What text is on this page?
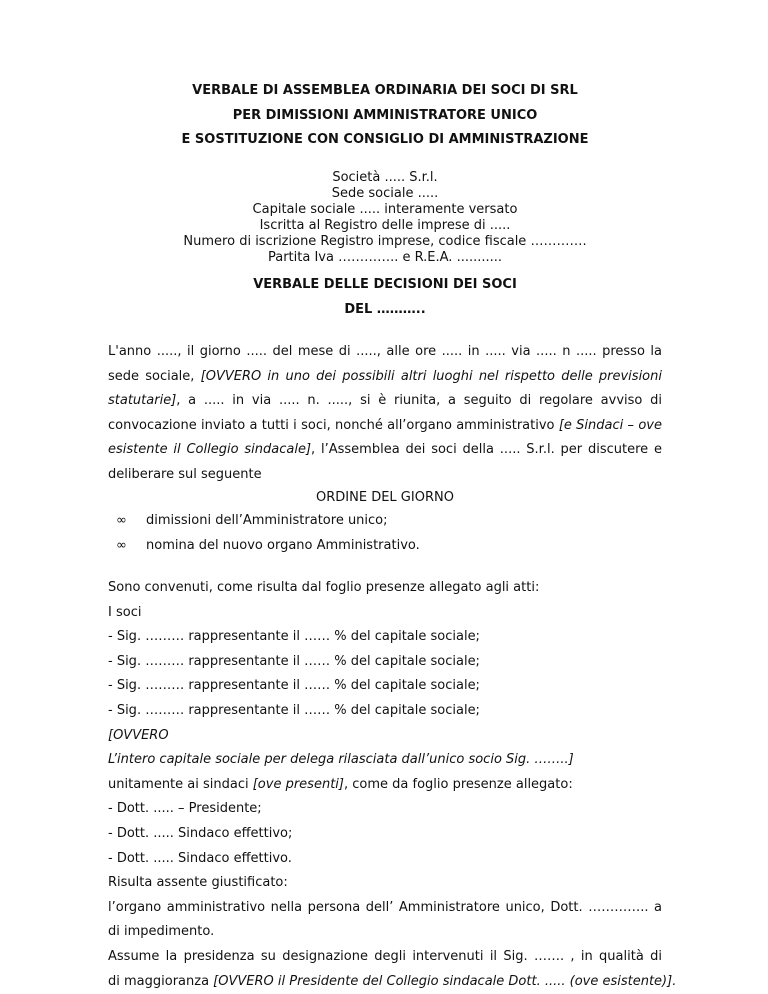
VERBALE DI ASSEMBLEA ORDINARIA DEI SOCI DI SRL
PER DIMISSIONI AMMINISTRATORE UNICO
E SOSTITUZIONE CON CONSIGLIO DI AMMINISTRAZIONE
Società ..... S.r.l.
Sede sociale .....
Capitale sociale ..... interamente versato
Iscritta al Registro delle imprese di .....
Numero di iscrizione Registro imprese, codice fiscale ………….
Partita Iva ………….. e R.E.A. ...........
VERBALE DELLE DECISIONI DEI SOCI
DEL ………..
L'anno ....., il giorno ..... del mese di ....., alle ore ..... in ..... via ..... n ..... presso la
sede sociale, [OVVERO in uno dei possibili altri luoghi nel rispetto delle previsioni
statutarie], a ..... in via ..... n. ....., si è riunita, a seguito di regolare avviso di
convocazione inviato a tutti i soci, nonché all’organo amministrativo [e Sindaci – ove
esistente il Collegio sindacale], l’Assemblea dei soci della ..... S.r.l. per discutere e
deliberare sul seguente
ORDINE DEL GIORNO
∞ dimissioni dell’Amministratore unico;
∞ nomina del nuovo organo Amministrativo.
Sono convenuti, come risulta dal foglio presenze allegato agli atti:
I soci
- Sig. ……… rappresentante il …… % del capitale sociale;
- Sig. ……… rappresentante il …… % del capitale sociale;
- Sig. ……… rappresentante il …… % del capitale sociale;
- Sig. ……… rappresentante il …… % del capitale sociale;
[OVVERO
L’intero capitale sociale per delega rilasciata dall’unico socio Sig. ……..]
unitamente ai sindaci [ove presenti], come da foglio presenze allegato:
- Dott. ..... – Presidente;
- Dott. ..... Sindaco effettivo;
- Dott. ..... Sindaco effettivo.
Risulta assente giustificato:
l’organo amministrativo nella persona dell’ Amministratore unico, Dott. ………….. a
di impedimento.
Assume la presidenza su designazione degli intervenuti il Sig. ……. , in qualità di
di maggioranza [OVVERO il Presidente del Collegio sindacale Dott. ..... (ove esistente)].
